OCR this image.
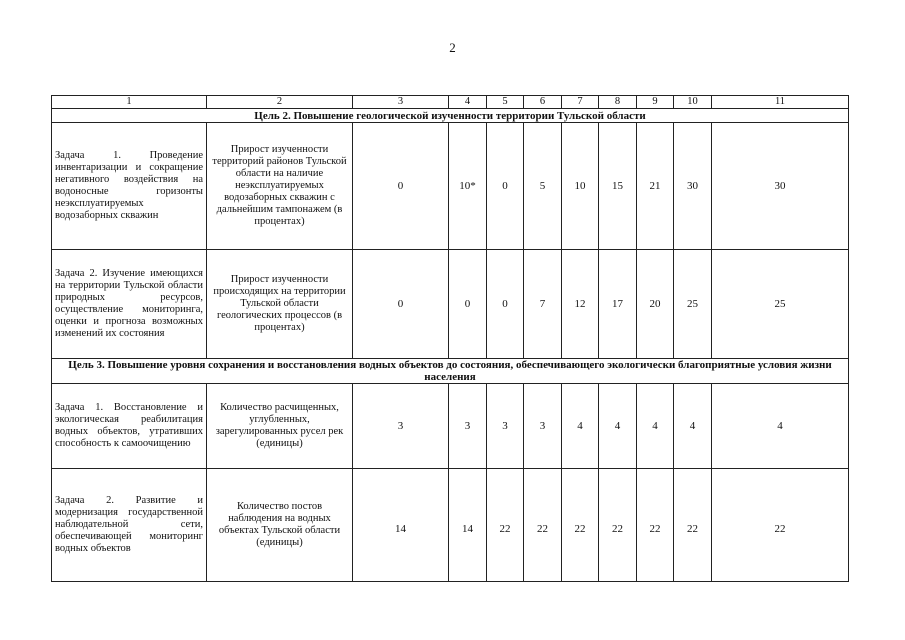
2
1	2	3	4	5	6	7	8	9	10	11
Цель 2. Повышение геологической изученности территории Тульской области										
Задача 1. Проведение инвентаризации и сокращение негативного воздействия на водоносные горизонты неэксплуатируемых водозаборных скважин	Прирост изученности территорий районов Тульской области на наличие неэксплуатируемых водозаборных скважин с дальнейшим тампонажем (в процентах)	0	10*	0	5	10	15	21	30	30
Задача 2. Изучение имеющихся на территории Тульской области природных ресурсов, осуществление мониторинга, оценки и прогноза возможных изменений их состояния	Прирост изученности происходящих на территории Тульской области геологических процессов (в процентах)	0	0	0	7	12	17	20	25	25
Цель 3. Повышение уровня сохранения и восстановления водных объектов до состояния, обеспечивающего экологически благоприятные условия жизни населения										
Задача 1. Восстановление и экологическая реабилитация водных объектов, утративших способность к самоочищению	Количество расчищенных, углубленных, зарегулированных русел рек (единицы)	3	3	3	3	4	4	4	4	4
Задача 2. Развитие и модернизация государственной наблюдательной сети, обеспечивающей мониторинг водных объектов	Количество постов наблюдения на водных объектах Тульской области (единицы)	14	14	22	22	22	22	22	22	22
